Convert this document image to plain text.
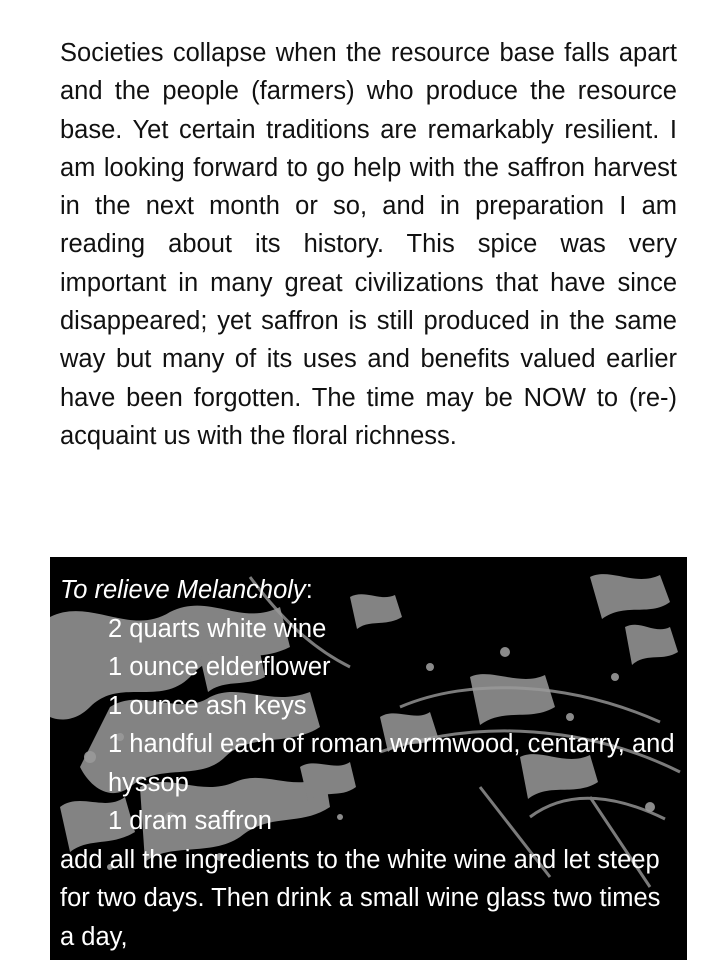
Societies collapse when the resource base falls apart and the people (farmers) who produce the resource base. Yet certain traditions are remarkably resilient. I am looking forward to go help with the saffron harvest in the next month or so, and in preparation I am reading about its history. This spice was very important in many great civilizations that have since disappeared; yet saffron is still produced in the same way but many of its uses and benefits valued earlier have been forgotten. The time may be NOW to (re-) acquaint us with the floral richness.

To relieve Melancholy:

2 quarts white wine
1 ounce elderflower
1 ounce ash keys
1 handful each of roman wormwood, centarry, and hyssop
1 dram saffron

add all the ingredients to the white wine and let steep for two days. Then drink a small wine glass two times a day,
